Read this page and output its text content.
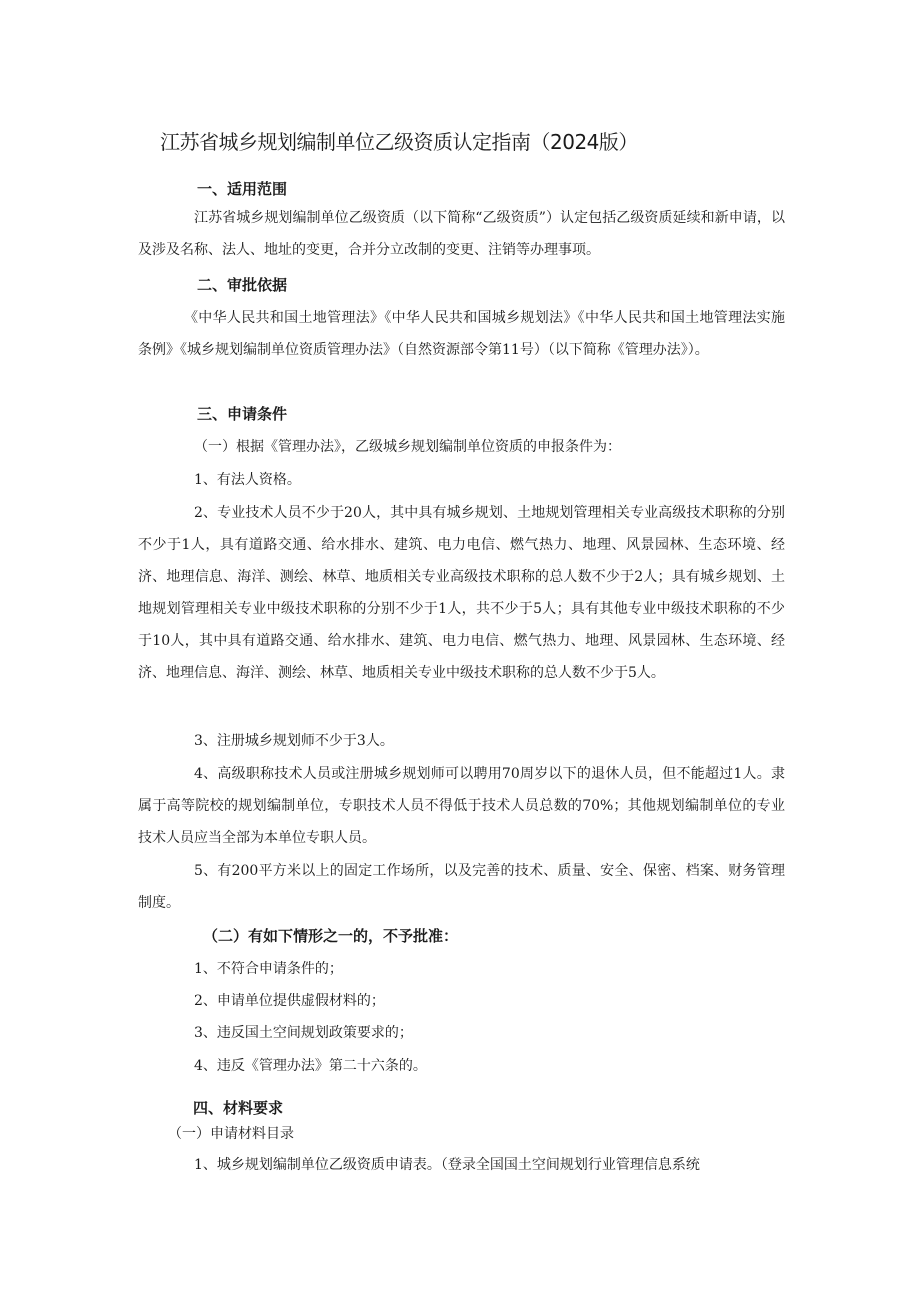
江苏省城乡规划编制单位乙级资质认定指南（2024版）
一、适用范围

江苏省城乡规划编制单位乙级资质（以下简称“乙级资质”）认定包括乙级资质延续和新申请，以及涉及名称、法人、地址的变更，合并分立改制的变更、注销等办理事项。

二、审批依据

《中华人民共和国土地管理法》《中华人民共和国城乡规划法》《中华人民共和国土地管理法实施条例》《城乡规划编制单位资质管理办法》（自然资源部令第11号）（以下简称《管理办法》）。

三、申请条件

（一）根据《管理办法》，乙级城乡规划编制单位资质的申报条件为：

1、有法人资格。

2、专业技术人员不少于20人，其中具有城乡规划、土地规划管理相关专业高级技术职称的分别不少于1人，具有道路交通、给水排水、建筑、电力电信、燃气热力、地理、风景园林、生态环境、经济、地理信息、海洋、测绘、林草、地质相关专业高级技术职称的总人数不少于2人；具有城乡规划、土地规划管理相关专业中级技术职称的分别不少于1人，共不少于5人；具有其他专业中级技术职称的不少于10人，其中具有道路交通、给水排水、建筑、电力电信、燃气热力、地理、风景园林、生态环境、经济、地理信息、海洋、测绘、林草、地质相关专业中级技术职称的总人数不少于5人。

3、注册城乡规划师不少于3人。

4、高级职称技术人员或注册城乡规划师可以聘用70周岁以下的退休人员，但不能超过1人。隶属于高等院校的规划编制单位，专职技术人员不得低于技术人员总数的70%；其他规划编制单位的专业技术人员应当全部为本单位专职人员。

5、有200平方米以上的固定工作场所，以及完善的技术、质量、安全、保密、档案、财务管理制度。

（二）有如下情形之一的，不予批准：

1、不符合申请条件的；

2、申请单位提供虚假材料的；

3、违反国土空间规划政策要求的；

4、违反《管理办法》第二十六条的。

四、材料要求

（一）申请材料目录

1、城乡规划编制单位乙级资质申请表。（登录全国国土空间规划行业管理信息系统
